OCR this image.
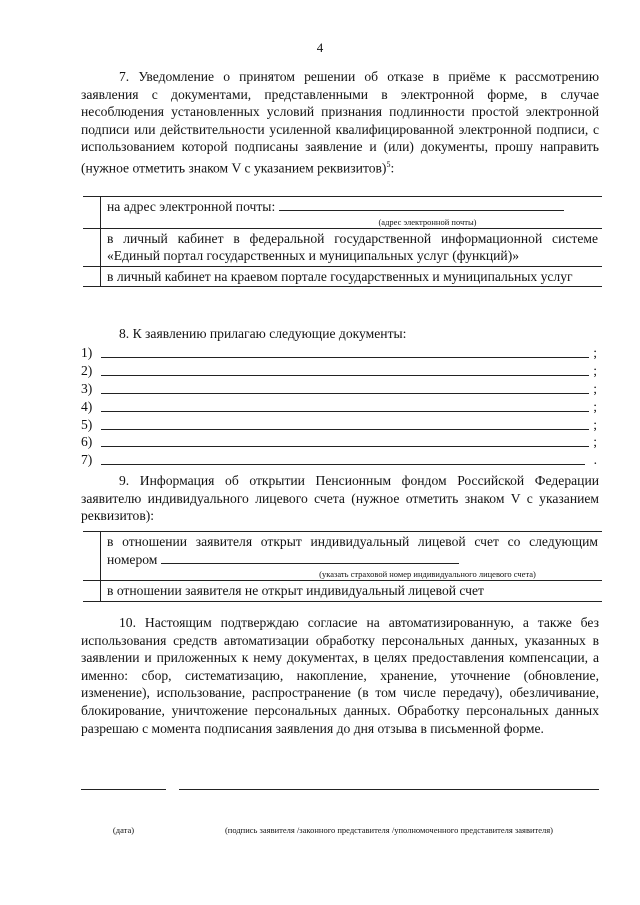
4
7. Уведомление о принятом решении об отказе в приёме к рассмотрению заявления с документами, представленными в электронной форме, в случае несоблюдения установленных условий признания подлинности простой электронной подписи или действительности усиленной квалифицированной электронной подписи, с использованием которой подписаны заявление и (или) документы, прошу направить (нужное отметить знаком V с указанием реквизитов)$^5$:
на адрес электронной почты:
(адрес электронной почты)
в личный кабинет в федеральной государственной информационной системе «Единый портал государственных и муниципальных услуг (функций)»
в личный кабинет на краевом портале государственных и муниципальных услуг
8. К заявлению прилагаю следующие документы:
1)	;
2)	;
3)	;
4)	;
5)	;
6)	;
7)	.
9. Информация об открытии Пенсионным фондом Российской Федерации заявителю индивидуального лицевого счета (нужное отметить знаком V с указанием реквизитов):
в отношении заявителя открыт индивидуальный лицевой счет со следующим номером
(указать страховой номер индивидуального лицевого счета)
в отношении заявителя не открыт индивидуальный лицевой счет
10. Настоящим подтверждаю согласие на автоматизированную, а также без использования средств автоматизации обработку персональных данных, указанных в заявлении и приложенных к нему документах, в целях предоставления компенсации, а именно: сбор, систематизацию, накопление, хранение, уточнение (обновление, изменение), использование, распространение (в том числе передачу), обезличивание, блокирование, уничтожение персональных данных. Обработку персональных данных разрешаю с момента подписания заявления до дня отзыва в письменной форме.
(дата)	(подпись заявителя /законного представителя /уполномоченного представителя заявителя)
